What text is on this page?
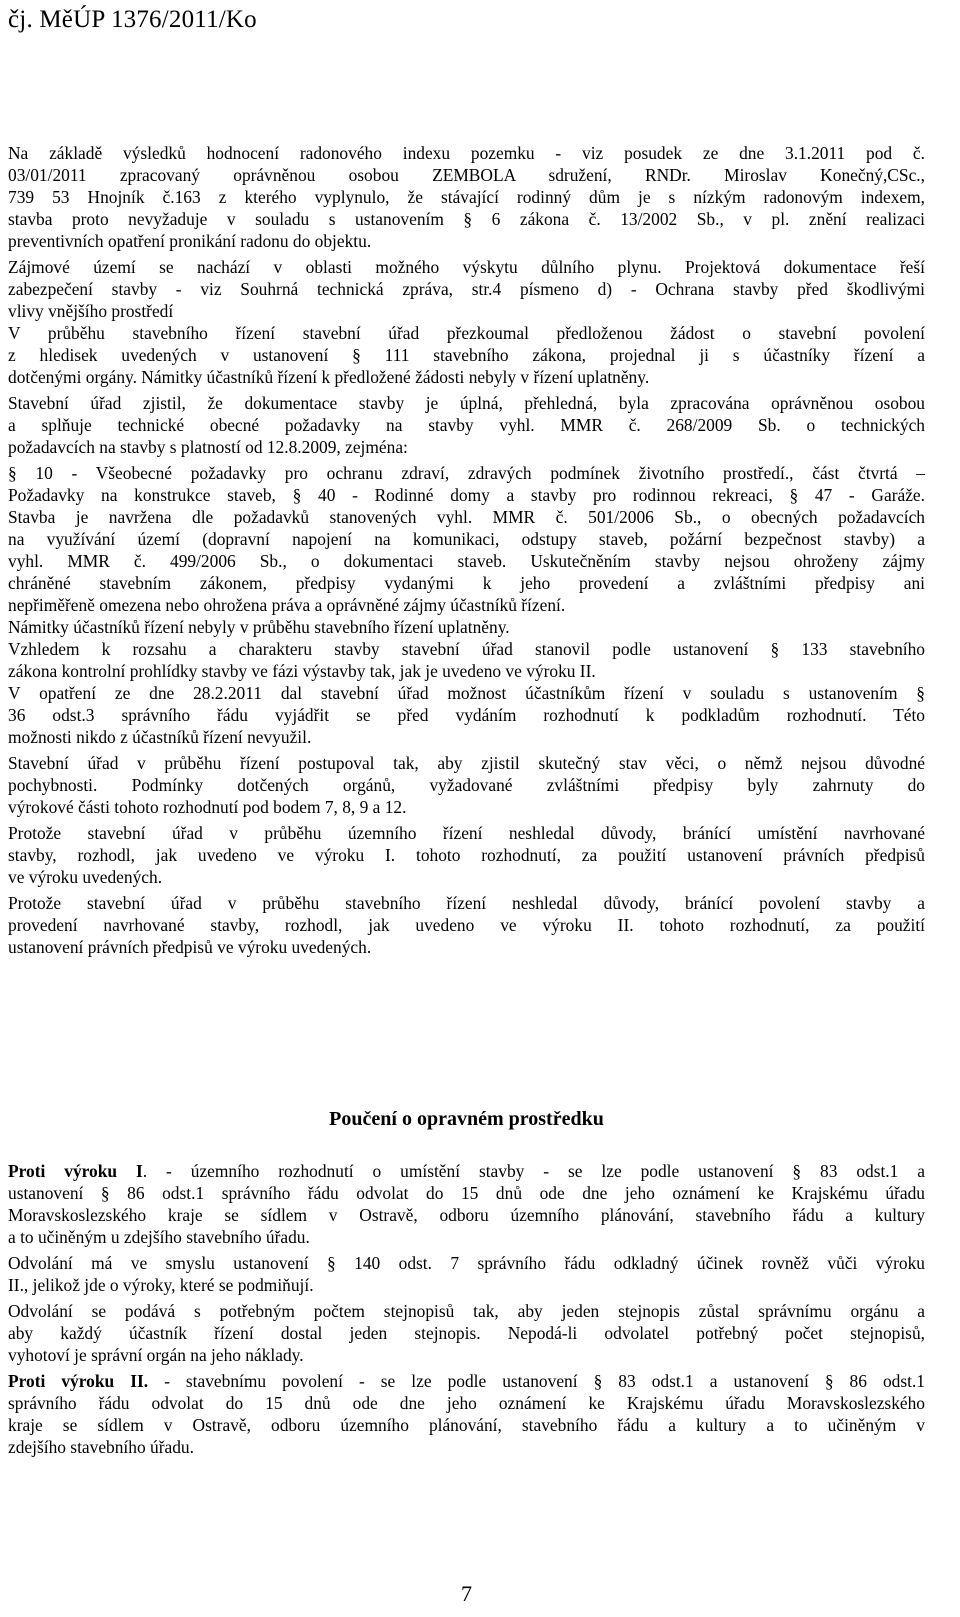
čj. MěÚP 1376/2011/Ko
Na základě výsledků hodnocení radonového indexu pozemku - viz posudek ze dne 3.1.2011 pod č.
03/01/2011 zpracovaný oprávněnou osobou ZEMBOLA sdružení, RNDr. Miroslav Konečný,CSc.,
739 53 Hnojník č.163 z kterého vyplynulo, že stávající rodinný dům je s nízkým radonovým indexem,
stavba proto nevyžaduje v souladu s ustanovením § 6 zákona č. 13/2002 Sb., v pl. znění realizaci
preventivních opatření pronikání radonu do objektu.
Zájmové území se nachází v oblasti možného výskytu důlního plynu. Projektová dokumentace řeší
zabezpečení stavby - viz Souhrná technická zpráva, str.4 písmeno d) - Ochrana stavby před škodlivými
vlivy vnějšího prostředí
V průběhu stavebního řízení stavební úřad přezkoumal předloženou žádost o stavební povolení
z hledisek uvedených v ustanovení § 111 stavebního zákona, projednal ji s účastníky řízení a
dotčenými orgány. Námitky účastníků řízení k předložené žádosti nebyly v řízení uplatněny.
Stavební úřad zjistil, že dokumentace stavby je úplná, přehledná, byla zpracována oprávněnou osobou
a splňuje technické obecné požadavky na stavby vyhl. MMR č. 268/2009 Sb. o technických
požadavcích na stavby s platností od 12.8.2009, zejména:
§ 10 - Všeobecné požadavky pro ochranu zdraví, zdravých podmínek životního prostředí., část čtvrtá –
Požadavky na konstrukce staveb, § 40 - Rodinné domy a stavby pro rodinnou rekreaci, § 47 - Garáže.
Stavba je navržena dle požadavků stanovených vyhl. MMR č. 501/2006 Sb., o obecných požadavcích
na využívání území (dopravní napojení na komunikaci, odstupy staveb, požární bezpečnost stavby) a
vyhl. MMR č. 499/2006 Sb., o dokumentaci staveb. Uskutečněním stavby nejsou ohroženy zájmy
chráněné stavebním zákonem, předpisy vydanými k jeho provedení a zvláštními předpisy ani
nepřiměřeně omezena nebo ohrožena práva a oprávněné zájmy účastníků řízení.
Námitky účastníků řízení nebyly v průběhu stavebního řízení uplatněny.
Vzhledem k rozsahu a charakteru stavby stavební úřad stanovil podle ustanovení § 133 stavebního
zákona kontrolní prohlídky stavby ve fázi výstavby tak, jak je uvedeno ve výroku II.
V opatření ze dne 28.2.2011 dal stavební úřad možnost účastníkům řízení v souladu s ustanovením §
36 odst.3 správního řádu vyjádřit se před vydáním rozhodnutí k podkladům rozhodnutí. Této
možnosti nikdo z účastníků řízení nevyužil.
Stavební úřad v průběhu řízení postupoval tak, aby zjistil skutečný stav věci, o němž nejsou důvodné
pochybnosti. Podmínky dotčených orgánů, vyžadované zvláštními předpisy byly zahrnuty do
výrokové části tohoto rozhodnutí pod bodem 7, 8, 9 a 12.
Protože stavební úřad v průběhu územního řízení neshledal důvody, bránící umístění navrhované
stavby, rozhodl, jak uvedeno ve výroku I. tohoto rozhodnutí, za použití ustanovení právních předpisů
ve výroku uvedených.
Protože stavební úřad v průběhu stavebního řízení neshledal důvody, bránící povolení stavby a
provedení navrhované stavby, rozhodl, jak uvedeno ve výroku II. tohoto rozhodnutí, za použití
ustanovení právních předpisů ve výroku uvedených.
Proti výroku I. - územního rozhodnutí o umístění stavby - se lze podle ustanovení § 83 odst.1 a
ustanovení § 86 odst.1 správního řádu odvolat do 15 dnů ode dne jeho oznámení ke Krajskému úřadu
Moravskoslezského kraje se sídlem v Ostravě, odboru územního plánování, stavebního řádu a kultury
a to učiněným u zdejšího stavebního úřadu.
Odvolání má ve smyslu ustanovení § 140 odst. 7 správního řádu odkladný účinek rovněž vůči výroku
II., jelikož jde o výroky, které se podmiňují.
Odvolání se podává s potřebným počtem stejnopisů tak, aby jeden stejnopis zůstal správnímu orgánu a
aby každý účastník řízení dostal jeden stejnopis. Nepodá-li odvolatel potřebný počet stejnopisů,
vyhotoví je správní orgán na jeho náklady.
Proti výroku II. - stavebnímu povolení - se lze podle ustanovení § 83 odst.1 a ustanovení § 86 odst.1
správního řádu odvolat do 15 dnů ode dne jeho oznámení ke Krajskému úřadu Moravskoslezského
kraje se sídlem v Ostravě, odboru územního plánování, stavebního řádu a kultury a to učiněným v
zdejšího stavebního úřadu.
Poučení o opravném prostředku
7
